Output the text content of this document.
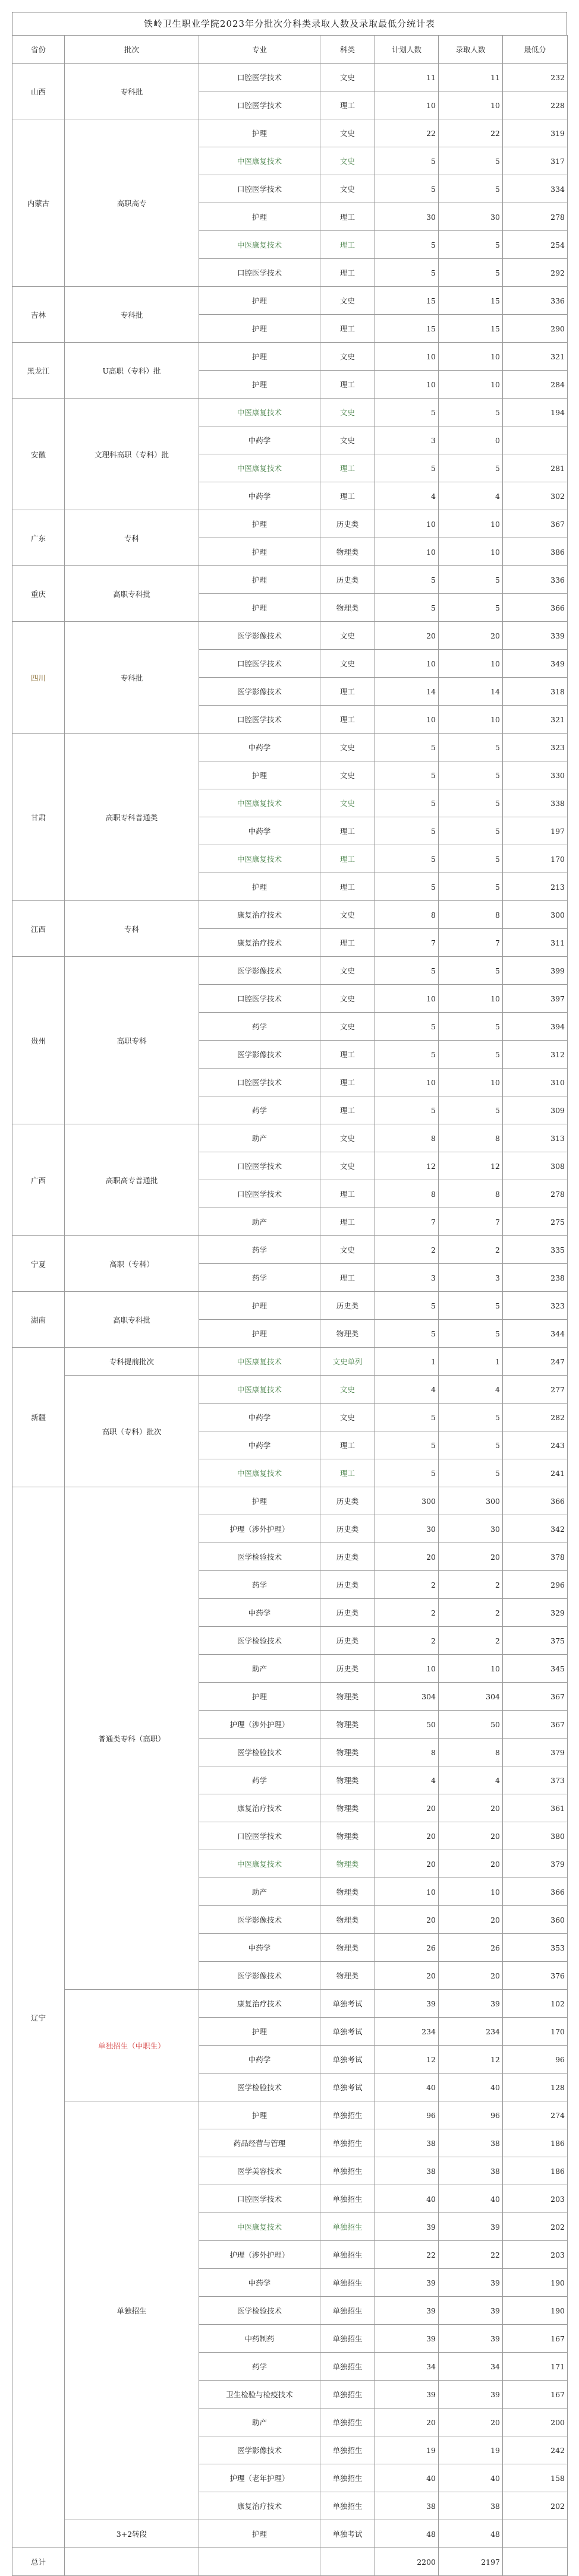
铁岭卫生职业学院2023年分批次分科类录取人数及录取最低分统计表
省份	批次	专业	科类	计划人数	录取人数	最低分
山西	专科批	口腔医学技术	文史	11	11	232
		口腔医学技术	理工	10	10	228
内蒙古	高职高专	护理	文史	22	22	319
		中医康复技术	文史	5	5	317
		口腔医学技术	文史	5	5	334
		护理	理工	30	30	278
		中医康复技术	理工	5	5	254
		口腔医学技术	理工	5	5	292
吉林	专科批	护理	文史	15	15	336
		护理	理工	15	15	290
黑龙江	U高职（专科）批	护理	文史	10	10	321
		护理	理工	10	10	284
安徽	文理科高职（专科）批	中医康复技术	文史	5	5	194
		中药学	文史	3	0	
		中医康复技术	理工	5	5	281
		中药学	理工	4	4	302
广东	专科	护理	历史类	10	10	367
		护理	物理类	10	10	386
重庆	高职专科批	护理	历史类	5	5	336
		护理	物理类	5	5	366
四川	专科批	医学影像技术	文史	20	20	339
		口腔医学技术	文史	10	10	349
		医学影像技术	理工	14	14	318
		口腔医学技术	理工	10	10	321
甘肃	高职专科普通类	中药学	文史	5	5	323
		护理	文史	5	5	330
		中医康复技术	文史	5	5	338
		中药学	理工	5	5	197
		中医康复技术	理工	5	5	170
		护理	理工	5	5	213
江西	专科	康复治疗技术	文史	8	8	300
		康复治疗技术	理工	7	7	311
贵州	高职专科	医学影像技术	文史	5	5	399
		口腔医学技术	文史	10	10	397
		药学	文史	5	5	394
		医学影像技术	理工	5	5	312
		口腔医学技术	理工	10	10	310
		药学	理工	5	5	309
广西	高职高专普通批	助产	文史	8	8	313
		口腔医学技术	文史	12	12	308
		口腔医学技术	理工	8	8	278
		助产	理工	7	7	275
宁夏	高职（专科）	药学	文史	2	2	335
		药学	理工	3	3	238
湖南	高职专科批	护理	历史类	5	5	323
		护理	物理类	5	5	344
新疆	专科提前批次	中医康复技术	文史单列	1	1	247
	高职（专科）批次	中医康复技术	文史	4	4	277
		中药学	文史	5	5	282
		中药学	理工	5	5	243
		中医康复技术	理工	5	5	241
辽宁	普通类专科（高职）	护理	历史类	300	300	366
		护理（涉外护理）	历史类	30	30	342
		医学检验技术	历史类	20	20	378
		药学	历史类	2	2	296
		中药学	历史类	2	2	329
		医学检验技术	历史类	2	2	375
		助产	历史类	10	10	345
		护理	物理类	304	304	367
		护理（涉外护理）	物理类	50	50	367
		医学检验技术	物理类	8	8	379
		药学	物理类	4	4	373
		康复治疗技术	物理类	20	20	361
		口腔医学技术	物理类	20	20	380
		中医康复技术	物理类	20	20	379
		助产	物理类	10	10	366
		医学影像技术	物理类	20	20	360
		中药学	物理类	26	26	353
		医学影像技术	物理类	20	20	376
	单独招生（中职生）	康复治疗技术	单独考试	39	39	102
		护理	单独考试	234	234	170
		中药学	单独考试	12	12	96
		医学检验技术	单独考试	40	40	128
	单独招生	护理	单独招生	96	96	274
		药品经营与管理	单独招生	38	38	186
		医学美容技术	单独招生	38	38	186
		口腔医学技术	单独招生	40	40	203
		中医康复技术	单独招生	39	39	202
		护理（涉外护理）	单独招生	22	22	203
		中药学	单独招生	39	39	190
		医学检验技术	单独招生	39	39	190
		中药制药	单独招生	39	39	167
		药学	单独招生	34	34	171
		卫生检验与检疫技术	单独招生	39	39	167
		助产	单独招生	20	20	200
		医学影像技术	单独招生	19	19	242
		护理（老年护理）	单独招生	40	40	158
		康复治疗技术	单独招生	38	38	202
	3+2转段	护理	单独考试	48	48	
总计				2200	2197	
